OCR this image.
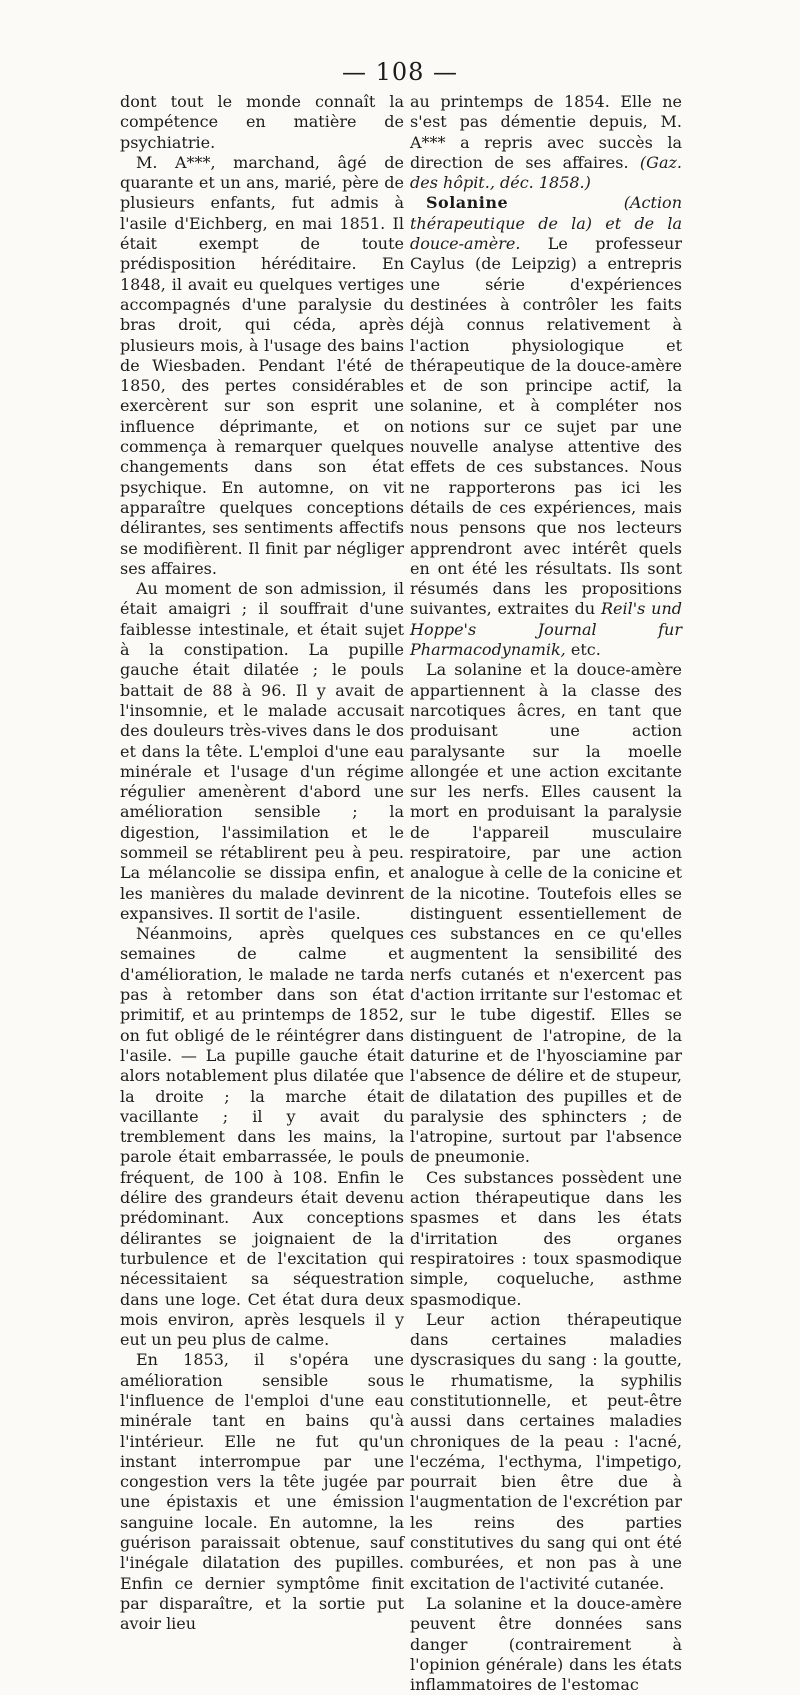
— 108 —

dont tout le monde connaît la compétence en matière de psychiatrie.

M. A***, marchand, âgé de quarante et un ans, marié, père de plusieurs enfants, fut admis à l'asile d'Eichberg, en mai 1851. Il était exempt de toute prédisposition héréditaire. En 1848, il avait eu quelques vertiges accompagnés d'une paralysie du bras droit, qui céda, après plusieurs mois, à l'usage des bains de Wiesbaden. Pendant l'été de 1850, des pertes considérables exercèrent sur son esprit une influence déprimante, et on commença à remarquer quelques changements dans son état psychique. En automne, on vit apparaître quelques conceptions délirantes, ses sentiments affectifs se modifièrent. Il finit par négliger ses affaires.

Au moment de son admission, il était amaigri ; il souffrait d'une faiblesse intestinale, et était sujet à la constipation. La pupille gauche était dilatée ; le pouls battait de 88 à 96. Il y avait de l'insomnie, et le malade accusait des douleurs très-vives dans le dos et dans la tête. L'emploi d'une eau minérale et l'usage d'un régime régulier amenèrent d'abord une amélioration sensible ; la digestion, l'assimilation et le sommeil se rétablirent peu à peu. La mélancolie se dissipa enfin, et les manières du malade devinrent expansives. Il sortit de l'asile.

Néanmoins, après quelques semaines de calme et d'amélioration, le malade ne tarda pas à retomber dans son état primitif, et au printemps de 1852, on fut obligé de le réintégrer dans l'asile. — La pupille gauche était alors notablement plus dilatée que la droite ; la marche était vacillante ; il y avait du tremblement dans les mains, la parole était embarrassée, le pouls fréquent, de 100 à 108. Enfin le délire des grandeurs était devenu prédominant. Aux conceptions délirantes se joignaient de la turbulence et de l'excitation qui nécessitaient sa séquestration dans une loge. Cet état dura deux mois environ, après lesquels il y eut un peu plus de calme.

En 1853, il s'opéra une amélioration sensible sous l'influence de l'emploi d'une eau minérale tant en bains qu'à l'intérieur. Elle ne fut qu'un instant interrompue par une congestion vers la tête jugée par une épistaxis et une émission sanguine locale. En automne, la guérison paraissait obtenue, sauf l'inégale dilatation des pupilles. Enfin ce dernier symptôme finit par disparaître, et la sortie put avoir lieu

au printemps de 1854. Elle ne s'est pas démentie depuis, M. A*** a repris avec succès la direction de ses affaires. (Gaz. des hôpit., déc. 1858.)

Solanine	(Action thérapeutique de la) et de la douce-amère. Le professeur Caylus (de Leipzig) a entrepris une série d'expériences destinées à contrôler les faits déjà connus relativement à l'action physiologique et thérapeutique de la douce-amère et de son principe actif, la solanine, et à compléter nos notions sur ce sujet par une nouvelle analyse attentive des effets de ces substances. Nous ne rapporterons pas ici les détails de ces expériences, mais nous pensons que nos lecteurs apprendront avec intérêt quels en ont été les résultats. Ils sont résumés dans les propositions suivantes, extraites du Reil's und Hoppe's Journal fur Pharmacodynamik, etc.

La solanine et la douce-amère appartiennent à la classe des narcotiques âcres, en tant que produisant une action paralysante sur la moelle allongée et une action excitante sur les nerfs. Elles causent la mort en produisant la paralysie de l'appareil musculaire respiratoire, par une action analogue à celle de la conicine et de la nicotine. Toutefois elles se distinguent essentiellement de ces substances en ce qu'elles augmentent la sensibilité des nerfs cutanés et n'exercent pas d'action irritante sur l'estomac et sur le tube digestif. Elles se distinguent de l'atropine, de la daturine et de l'hyosciamine par l'absence de délire et de stupeur, de dilatation des pupilles et de paralysie des sphincters ; de l'atropine, surtout par l'absence de pneumonie.

Ces substances possèdent une action thérapeutique dans les spasmes et dans les états d'irritation des organes respiratoires : toux spasmodique simple, coqueluche, asthme spasmodique.

Leur action thérapeutique dans certaines maladies dyscrasiques du sang : la goutte, le rhumatisme, la syphilis constitutionnelle, et peut-être aussi dans certaines maladies chroniques de la peau : l'acné, l'eczéma, l'ecthyma, l'impetigo, pourrait bien être due à l'augmentation de l'excrétion par les reins des parties constitutives du sang qui ont été comburées, et non pas à une excitation de l'activité cutanée.

La solanine et la douce-amère peuvent être données sans danger (contrairement à l'opinion générale) dans les états inflammatoires de l'estomac
